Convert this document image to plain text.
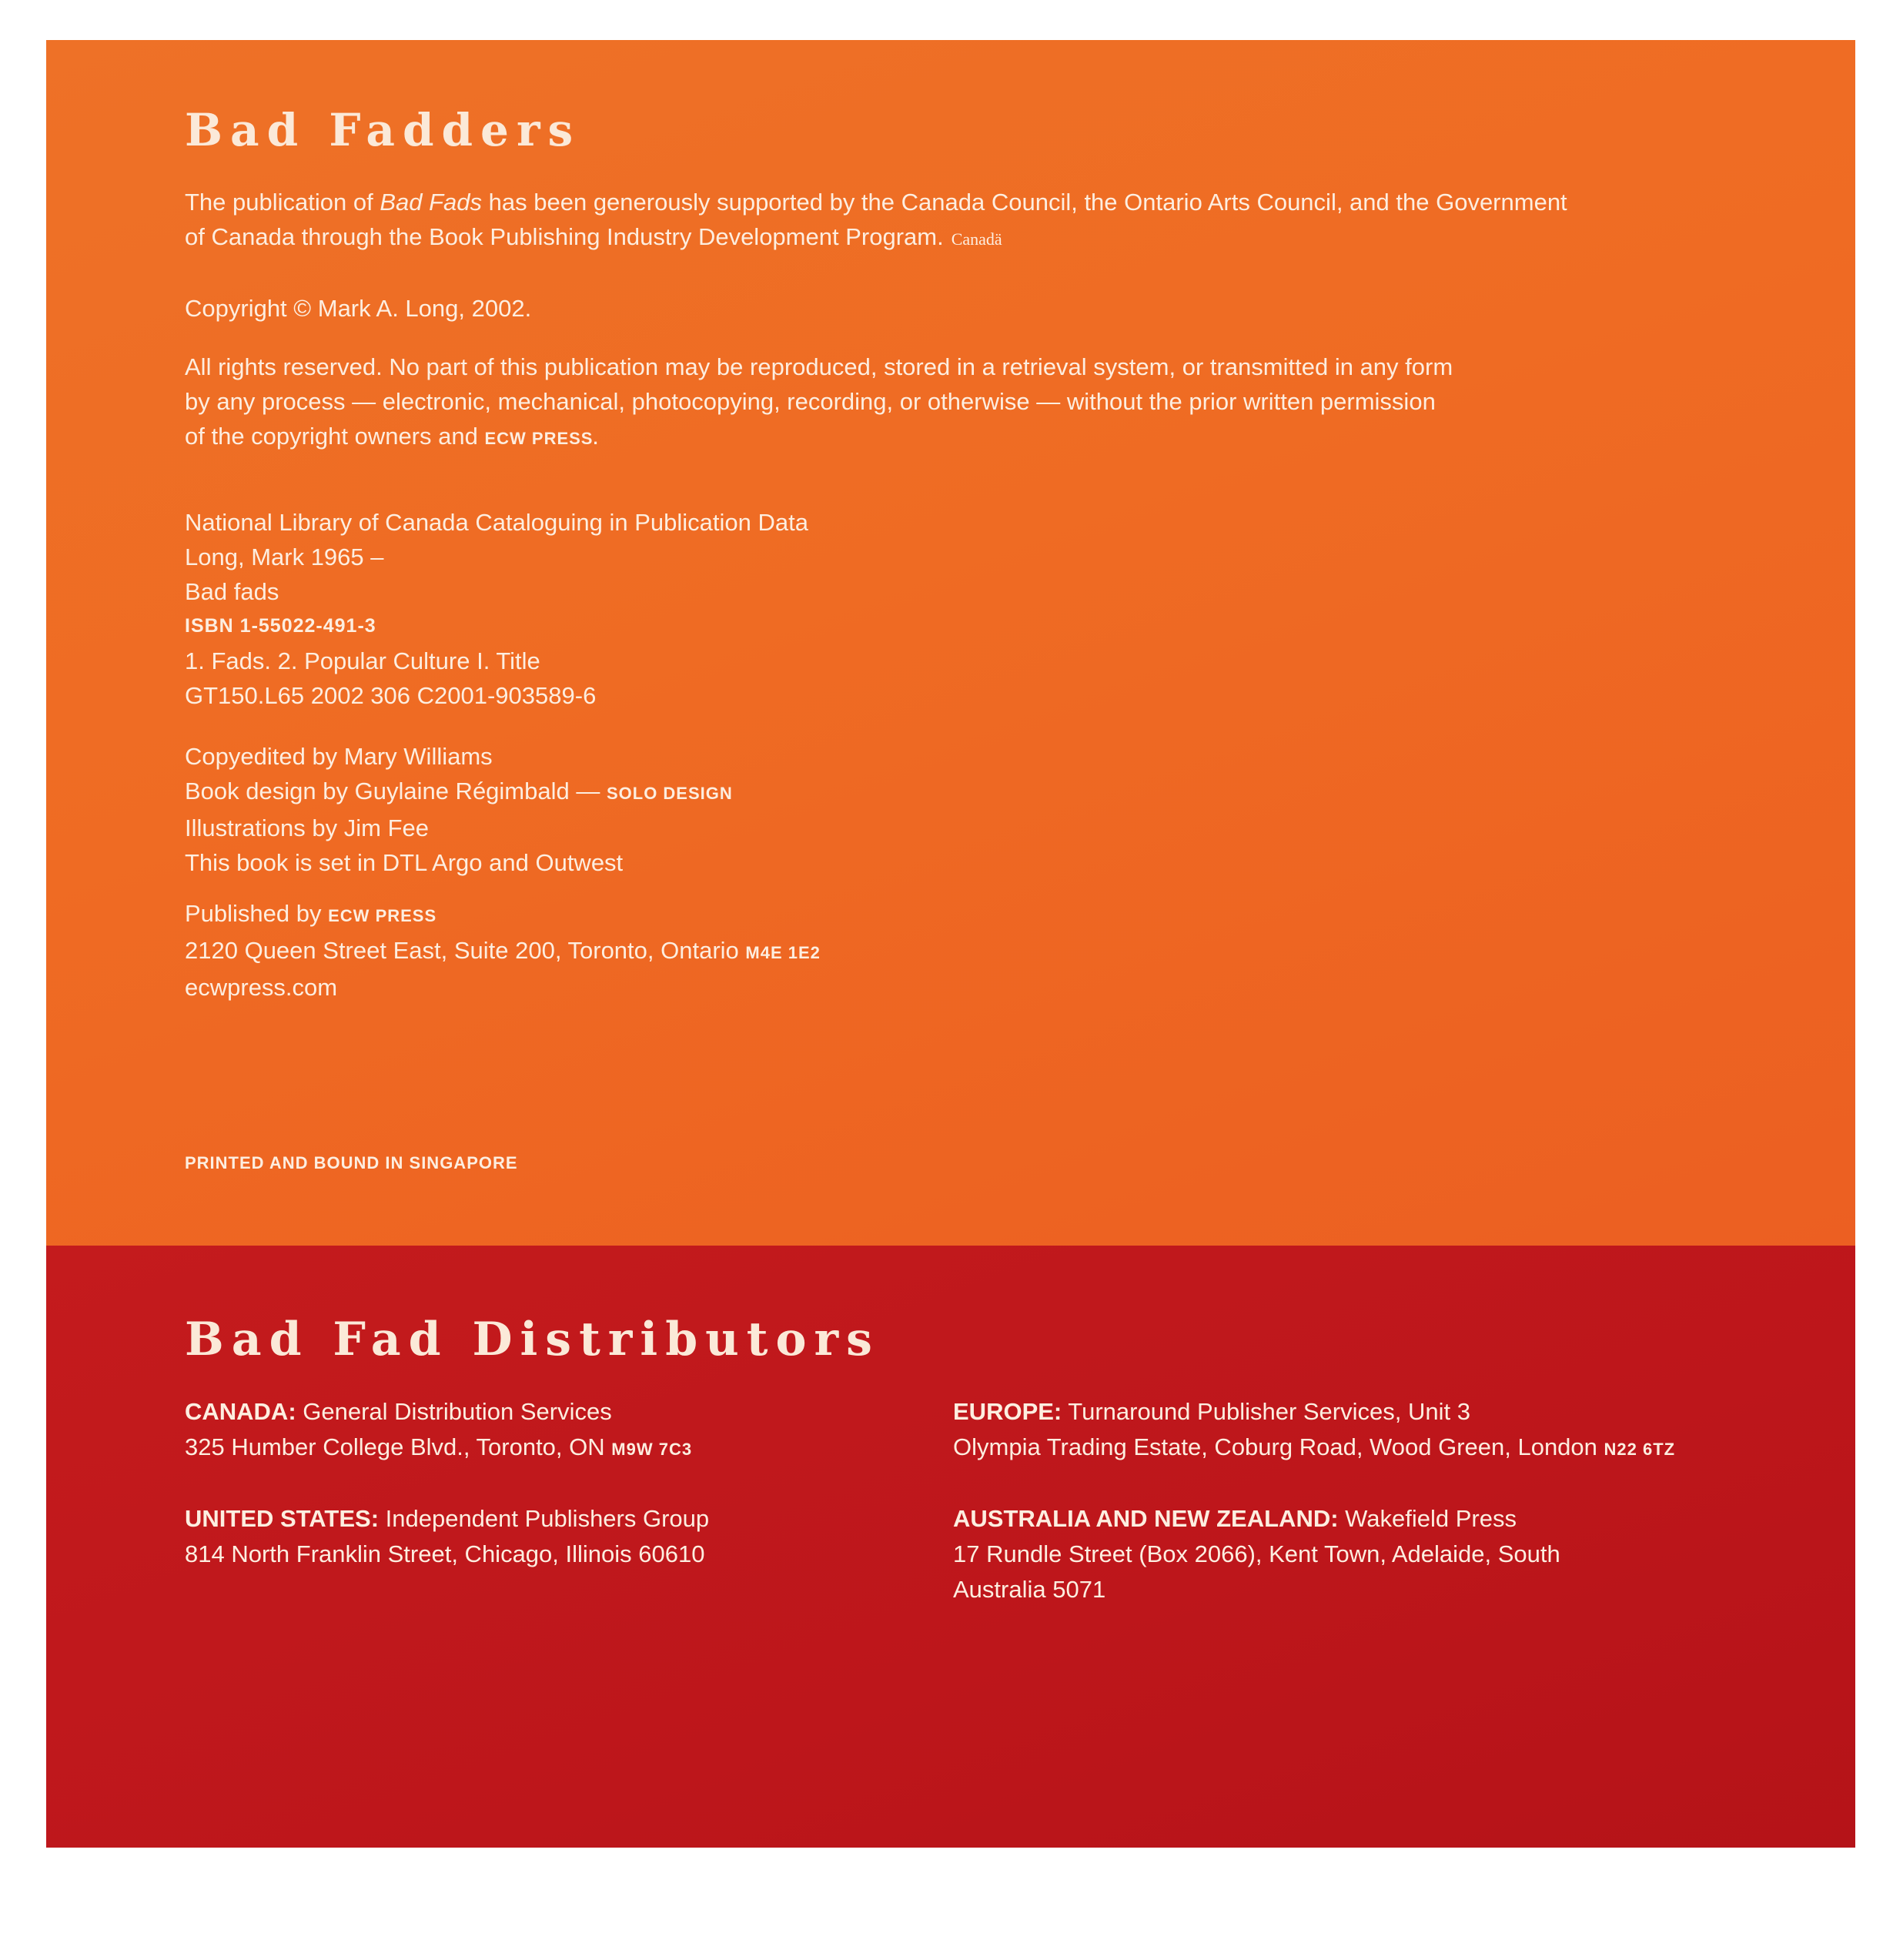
Bad Fadders

The publication of Bad Fads has been generously supported by the Canada Council, the Ontario Arts Council, and the Government
of Canada through the Book Publishing Industry Development Program. Canadä

Copyright © Mark A. Long, 2002.

All rights reserved. No part of this publication may be reproduced, stored in a retrieval system, or transmitted in any form
by any process — electronic, mechanical, photocopying, recording, or otherwise — without the prior written permission
of the copyright owners and ECW PRESS.

National Library of Canada Cataloguing in Publication Data
Long, Mark 1965 –
Bad fads
ISBN 1-55022-491-3
1. Fads. 2. Popular Culture I. Title
GT150.L65 2002 306 C2001-903589-6

Copyedited by Mary Williams
Book design by Guylaine Régimbald — SOLO DESIGN
Illustrations by Jim Fee
This book is set in DTL Argo and Outwest

Published by ECW PRESS
2120 Queen Street East, Suite 200, Toronto, Ontario M4E 1E2
ecwpress.com

PRINTED AND BOUND IN SINGAPORE

Bad Fad Distributors

CANADA: General Distribution Services
325 Humber College Blvd., Toronto, ON M9W 7C3

UNITED STATES: Independent Publishers Group
814 North Franklin Street, Chicago, Illinois 60610

EUROPE: Turnaround Publisher Services, Unit 3
Olympia Trading Estate, Coburg Road, Wood Green, London N22 6TZ

AUSTRALIA AND NEW ZEALAND: Wakefield Press
17 Rundle Street (Box 2066), Kent Town, Adelaide, South
Australia 5071
